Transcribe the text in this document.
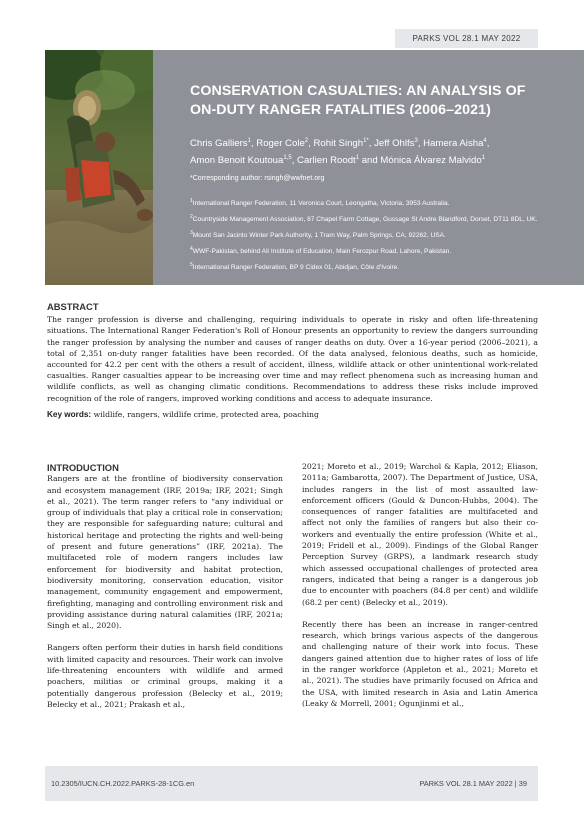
PARKS VOL 28.1 MAY 2022
CONSERVATION CASUALTIES: AN ANALYSIS OF ON-DUTY RANGER FATALITIES (2006–2021)
Chris Galliers$^1$, Roger Cole$^2$, Rohit Singh$^{1*}$, Jeff Ohlfs$^3$, Hamera Aisha$^4$,
Amon Benoit Koutoua$^{1,5}$, Carlien Roodt$^1$ and Mónica Álvarez Malvido$^1$
*Corresponding author: rsingh@wwfnet.org
$^1$International Ranger Federation, 11 Veronica Court, Leongatha, Victoria, 3953 Australia.
$^2$Countryside Management Association, 87 Chapel Farm Cottage, Gussage St Andre Blandford, Dorset, DT11 8DL, UK.
$^3$Mount San Jacinto Winter Park Authority, 1 Tram Way, Palm Springs, CA, 92262, USA.
$^4$WWF-Pakistan, behind Ali Institute of Education, Main Ferozpur Road, Lahore, Pakistan.
$^5$International Ranger Federation, BP 9 Cidex 01, Abidjan, Côte d'Ivoire.
ABSTRACT

The ranger profession is diverse and challenging, requiring individuals to operate in risky and often life-threatening situations. The International Ranger Federation's Roll of Honour presents an opportunity to review the dangers surrounding the ranger profession by analysing the number and causes of ranger deaths on duty. Over a 16-year period (2006–2021), a total of 2,351 on-duty ranger fatalities have been recorded. Of the data analysed, felonious deaths, such as homicide, accounted for 42.2 per cent with the others a result of accident, illness, wildlife attack or other unintentional work-related casualties. Ranger casualties appear to be increasing over time and may reflect phenomena such as increasing human and wildlife conflicts, as well as changing climatic conditions. Recommendations to address these risks include improved recognition of the role of rangers, improved working conditions and access to adequate insurance.

Key words: wildlife, rangers, wildlife crime, protected area, poaching
INTRODUCTION

Rangers are at the frontline of biodiversity conservation and ecosystem management (IRF, 2019a; IRF, 2021; Singh et al., 2021). The term ranger refers to “any individual or group of individuals that play a critical role in conservation; they are responsible for safeguarding nature; cultural and historical heritage and protecting the rights and well-being of present and future generations” (IRF, 2021a). The multifaceted role of modern rangers includes law enforcement for biodiversity and habitat protection, biodiversity monitoring, conservation education, visitor management, community engagement and empowerment, firefighting, managing and controlling environment risk and providing assistance during natural calamities (IRF, 2021a; Singh et al., 2020).

Rangers often perform their duties in harsh field conditions with limited capacity and resources. Their work can involve life-threatening encounters with wildlife and armed poachers, militias or criminal groups, making it a potentially dangerous profession (Belecky et al., 2019; Belecky et al., 2021; Prakash et al.,

2021; Moreto et al., 2019; Warchol & Kapla, 2012; Eliason, 2011a; Gambarotta, 2007). The Department of Justice, USA, includes rangers in the list of most assaulted law-enforcement officers (Gould & Duncon-Hubbs, 2004). The consequences of ranger fatalities are multifaceted and affect not only the families of rangers but also their co-workers and eventually the entire profession (White et al., 2019; Fridell et al., 2009). Findings of the Global Ranger Perception Survey (GRPS), a landmark research study which assessed occupational challenges of protected area rangers, indicated that being a ranger is a dangerous job due to encounter with poachers (84.8 per cent) and wildlife (68.2 per cent) (Belecky et al., 2019).

Recently there has been an increase in ranger-centred research, which brings various aspects of the dangerous and challenging nature of their work into focus. These dangers gained attention due to higher rates of loss of life in the ranger workforce (Appleton et al., 2021; Moreto et al., 2021). The studies have primarily focused on Africa and the USA, with limited research in Asia and Latin America (Leaky & Morrell, 2001; Ogunjinmi et al.,

10.2305/IUCN.CH.2022.PARKS-28-1CG.en	PARKS VOL 28.1 MAY 2022 | 39
